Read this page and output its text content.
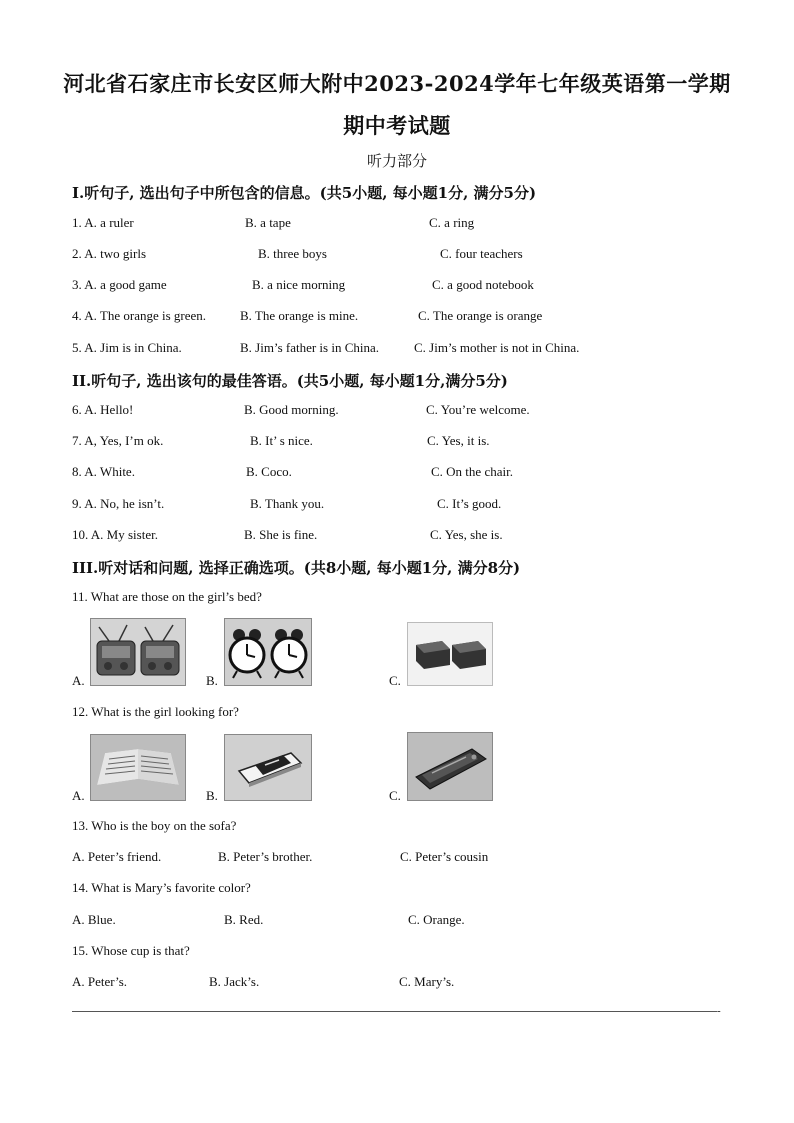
河北省石家庄市长安区师大附中2023-2024学年七年级英语第一学期
期中考试题
听力部分
I.听句子, 选出句子中所包含的信息。(共5小题, 每小题1分, 满分5分)
1. A. a ruler	B. a tape	C. a ring
2. A. two girls	B. three boys	C. four teachers
3. A. a good game	B. a nice morning	C. a good notebook
4. A. The orange is green.	B. The orange is mine.	C. The orange is orange
5. A. Jim is in China.	B. Jim’s father is in China.	C. Jim’s mother is not in China.
II.听句子, 选出该句的最佳答语。(共5小题, 每小题1分,满分5分)
6. A. Hello!	B. Good morning.	C. You’re welcome.
7. A, Yes, I’m ok.	B. It’ s nice.	C. Yes, it is.
8. A. White.	B. Coco.	C. On the chair.
9. A. No, he isn’t.	B. Thank you.	C. It’s good.
10. A. My sister.	B. She is fine.	C. Yes, she is.
III.听对话和问题, 选择正确选项。(共8小题, 每小题1分, 满分8分)
11. What are those on the girl’s bed?
A.	B.	C.
12. What is the girl looking for?
A.	B.	C.
13. Who is the boy on the sofa?
A. Peter’s friend.	B. Peter’s brother.	C. Peter’s cousin
14. What is Mary’s favorite color?
A. Blue.	B. Red.	C. Orange.
15. Whose cup is that?
A. Peter’s.	B. Jack’s.	C. Mary’s.
-
